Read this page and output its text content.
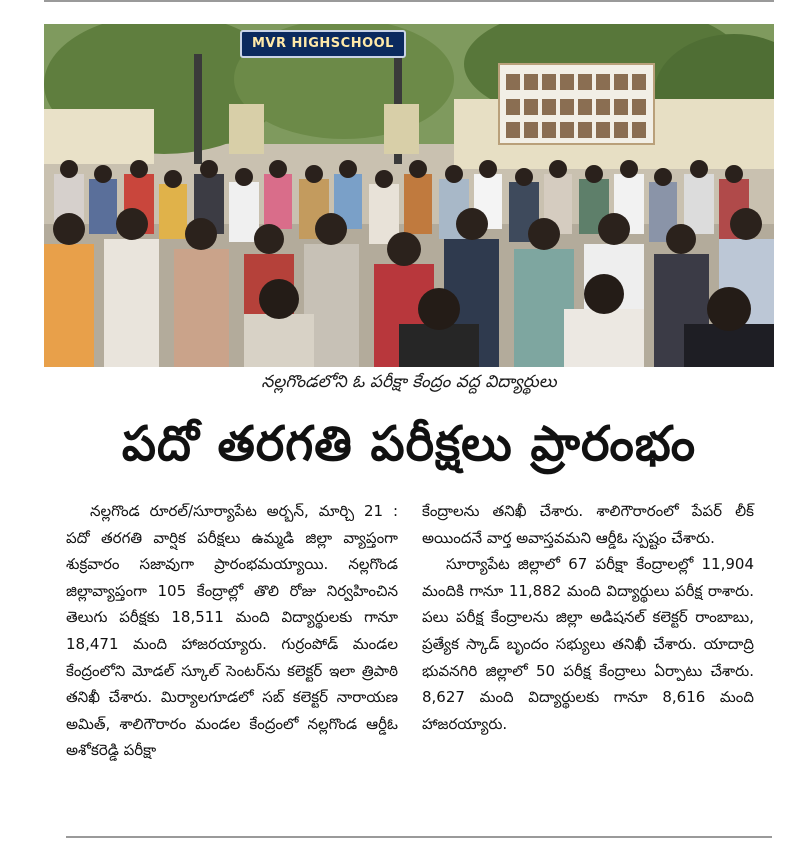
MVR HIGHSCHOOL
నల్లగొండలోని ఓ పరీక్షా కేంద్రం వద్ద విద్యార్థులు
పదో తరగతి పరీక్షలు ప్రారంభం

నల్లగొండ రూరల్/సూర్యాపేట అర్బన్, మార్చి 21 : పదో తరగతి వార్షిక పరీక్షలు ఉమ్మడి జిల్లా వ్యాప్తంగా శుక్రవారం సజావుగా ప్రారంభమయ్యాయి. నల్లగొండ జిల్లావ్యాప్తంగా 105 కేంద్రాల్లో తొలి రోజు నిర్వహించిన తెలుగు పరీక్షకు 18,511 మంది విద్యార్థులకు గానూ 18,471 మంది హాజరయ్యారు. గుర్రంపోడ్ మండల కేంద్రంలోని మోడల్ స్కూల్ సెంటర్‌ను కలెక్టర్ ఇలా త్రిపాఠి తనిఖీ చేశారు. మిర్యాలగూడలో సబ్ కలెక్టర్ నారాయణ అమిత్, శాలిగౌరారం మండల కేంద్రంలో నల్లగొండ ఆర్డీఓ అశోకరెడ్డి పరీక్షా

కేంద్రాలను తనిఖీ చేశారు. శాలిగౌరారంలో పేపర్ లీక్ అయిందనే వార్త అవాస్తవమని ఆర్డీఓ స్పష్టం చేశారు.

సూర్యాపేట జిల్లాలో 67 పరీక్షా కేంద్రాలల్లో 11,904 మందికి గానూ 11,882 మంది విద్యార్థులు పరీక్ష రాశారు. పలు పరీక్ష కేంద్రాలను జిల్లా అడిషనల్ కలెక్టర్ రాంబాబు, ప్రత్యేక స్కాడ్ బృందం సభ్యులు తనిఖీ చేశారు. యాదాద్రి భువనగిరి జిల్లాలో 50 పరీక్ష కేంద్రాలు ఏర్పాటు చేశారు. 8,627 మంది విద్యార్థులకు గానూ 8,616 మంది హాజరయ్యారు.
